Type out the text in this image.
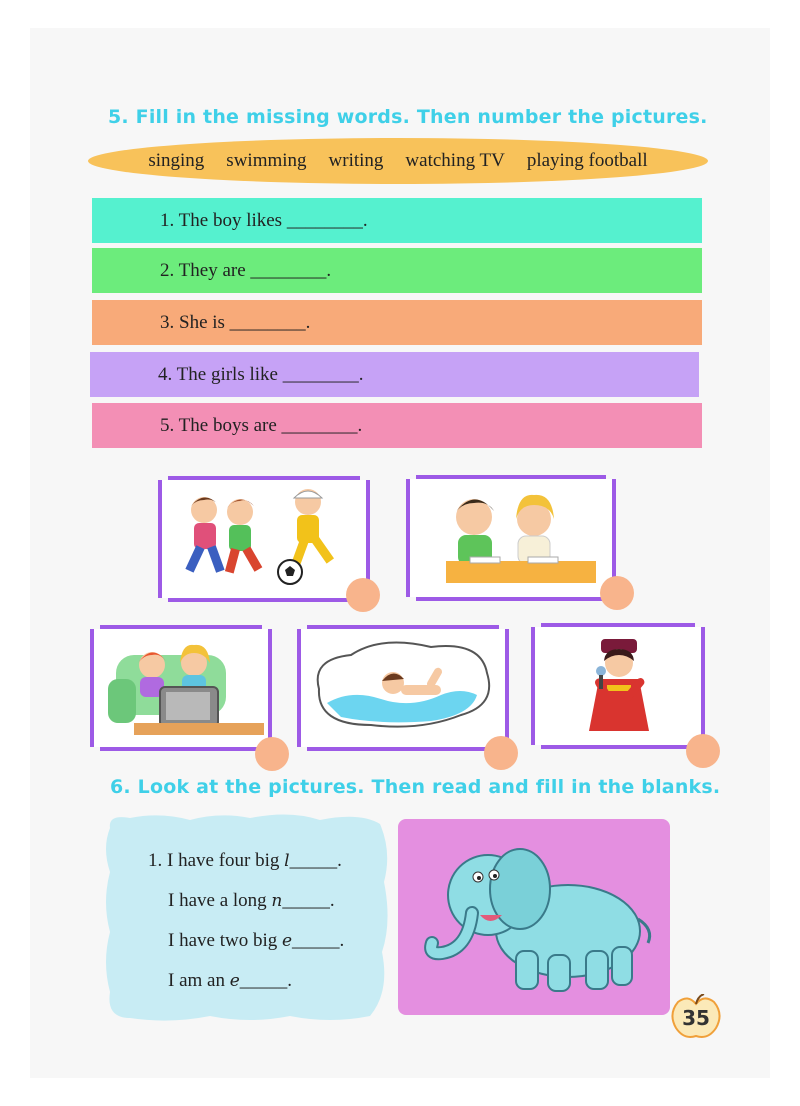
5. Fill in the missing words. Then number the pictures.
singing swimming writing watching TV playing football
1. The boy likes ________.
2. They are ________.
3. She is ________.
4. The girls like ________.
5. The boys are ________.
6. Look at the pictures. Then read and fill in the blanks.
1. I have four big l_____.
I have a long n_____.
I have two big e_____.
I am an e_____.
35
